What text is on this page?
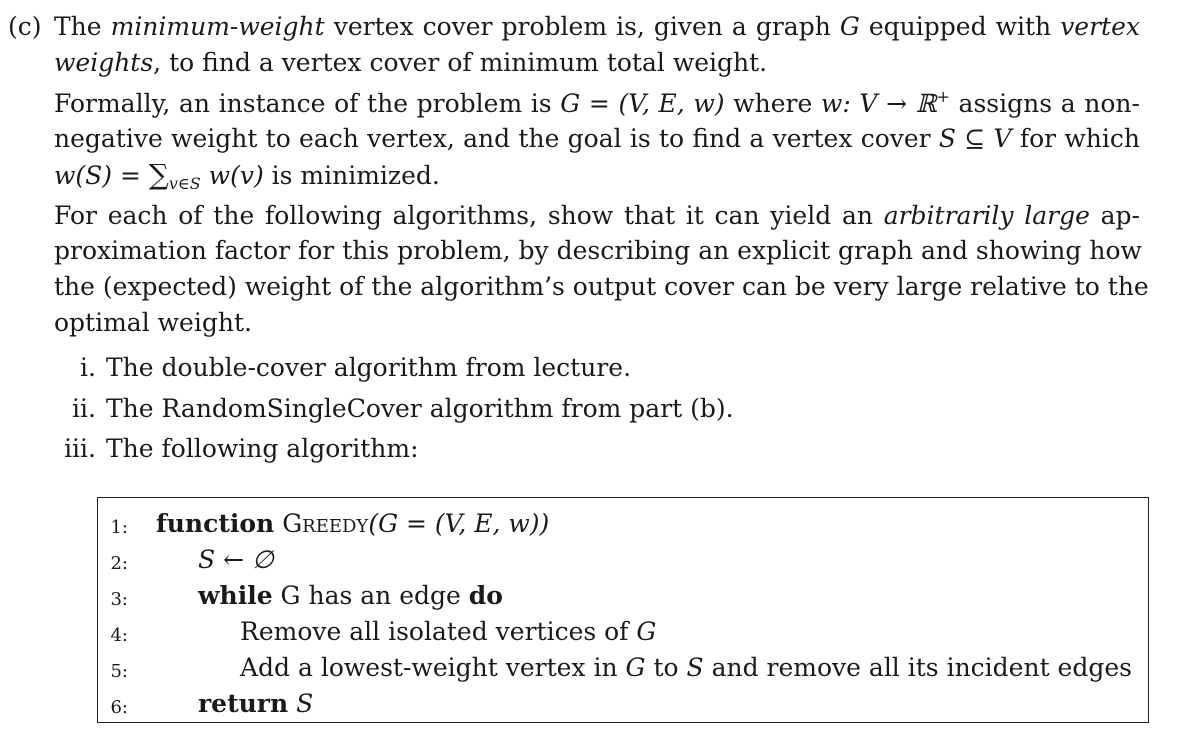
(c) The minimum-weight vertex cover problem is, given a graph G equipped with vertex
weights, to find a vertex cover of minimum total weight.
Formally, an instance of the problem is G = (V, E, w) where w: V → ℝ+ assigns a non-
negative weight to each vertex, and the goal is to find a vertex cover S ⊆ V for which
$w(S) = \sum_{v\in S}$ w(v) is minimized.
For each of the following algorithms, show that it can yield an arbitrarily large ap-
proximation factor for this problem, by describing an explicit graph and showing how
the (expected) weight of the algorithm’s output cover can be very large relative to the
optimal weight.
i. The double-cover algorithm from lecture.
ii. The RandomSingleCover algorithm from part (b).
iii. The following algorithm:
1: function Greedy(G = (V, E, w))
2:	S ← ∅
3:	while G has an edge do
4:	Remove all isolated vertices of G
5:	Add a lowest-weight vertex in G to S and remove all its incident edges
6:	return S
